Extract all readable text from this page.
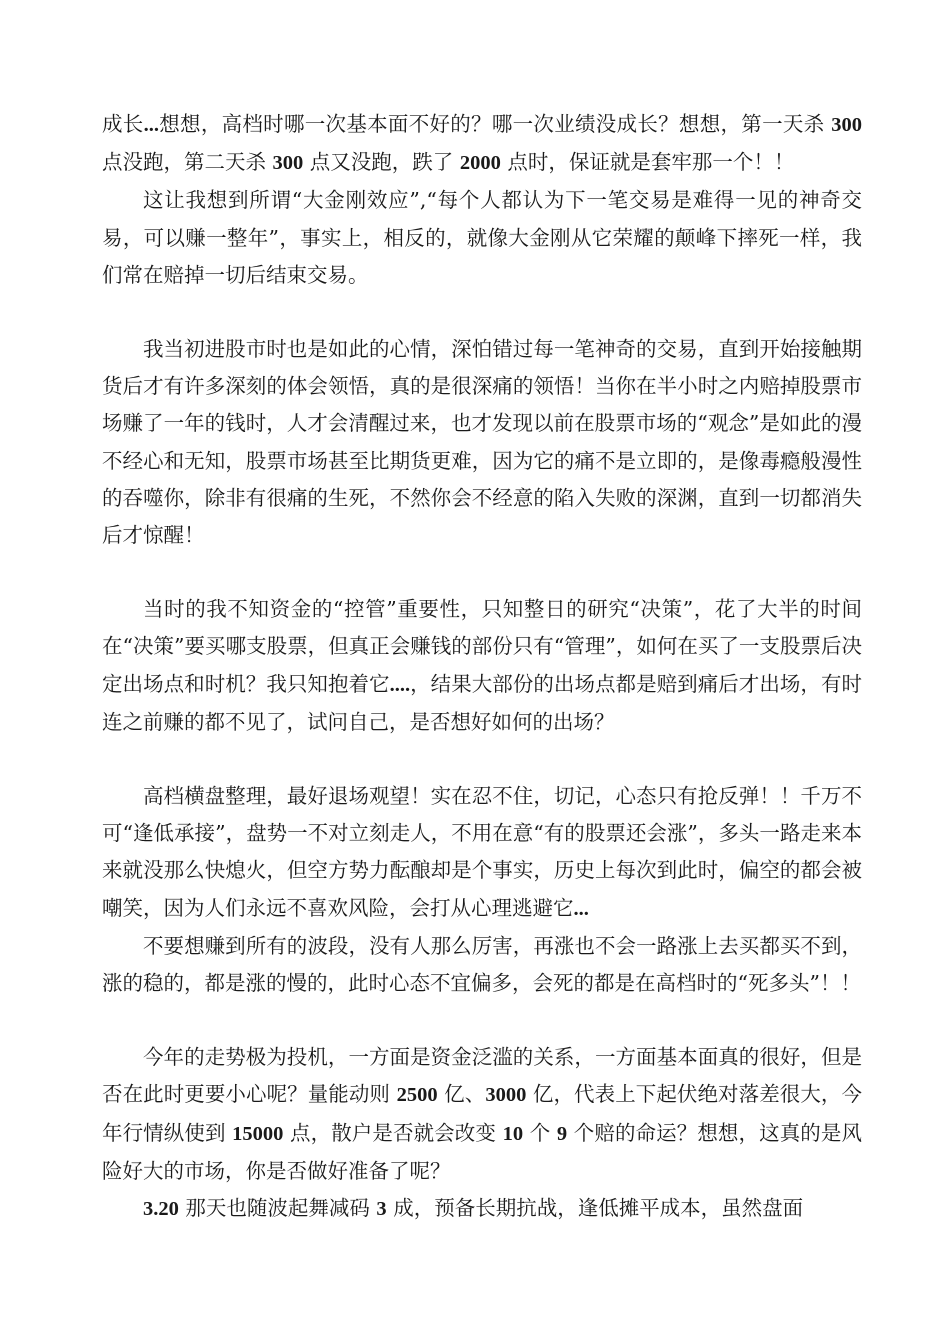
成长...想想，高档时哪一次基本面不好的？哪一次业绩没成长？想想，第一天杀 300 点没跑，第二天杀 300 点又没跑，跌了 2000 点时，保证就是套牢那一个！！
这让我想到所谓“大金刚效应”,“每个人都认为下一笔交易是难得一见的神奇交易，可以赚一整年”，事实上，相反的，就像大金刚从它荣耀的颠峰下摔死一样，我们常在赔掉一切后结束交易。
我当初进股市时也是如此的心情，深怕错过每一笔神奇的交易，直到开始接触期货后才有许多深刻的体会领悟，真的是很深痛的领悟！当你在半小时之内赔掉股票市场赚了一年的钱时，人才会清醒过来，也才发现以前在股票市场的“观念”是如此的漫不经心和无知，股票市场甚至比期货更难，因为它的痛不是立即的，是像毒瘾般漫性的吞噬你，除非有很痛的生死，不然你会不经意的陷入失败的深渊，直到一切都消失后才惊醒！
当时的我不知资金的“控管”重要性，只知整日的研究“决策”，花了大半的时间在“决策”要买哪支股票，但真正会赚钱的部份只有“管理”，如何在买了一支股票后决定出场点和时机？我只知抱着它....，结果大部份的出场点都是赔到痛后才出场，有时连之前赚的都不见了，试问自己，是否想好如何的出场？
高档横盘整理，最好退场观望！实在忍不住，切记，心态只有抢反弹！！千万不可“逢低承接”，盘势一不对立刻走人，不用在意“有的股票还会涨”，多头一路走来本来就没那么快熄火，但空方势力酝酿却是个事实，历史上每次到此时，偏空的都会被嘲笑，因为人们永远不喜欢风险，会打从心理逃避它...
不要想赚到所有的波段，没有人那么厉害，再涨也不会一路涨上去买都买不到，涨的稳的，都是涨的慢的，此时心态不宜偏多，会死的都是在高档时的“死多头”！！
今年的走势极为投机，一方面是资金泛滥的关系，一方面基本面真的很好，但是否在此时更要小心呢？量能动则 2500 亿、3000 亿，代表上下起伏绝对落差很大，今年行情纵使到 15000 点，散户是否就会改变 10 个 9 个赔的命运？想想，这真的是风险好大的市场，你是否做好准备了呢？
3.20 那天也随波起舞减码 3 成，预备长期抗战，逢低摊平成本，虽然盘面
